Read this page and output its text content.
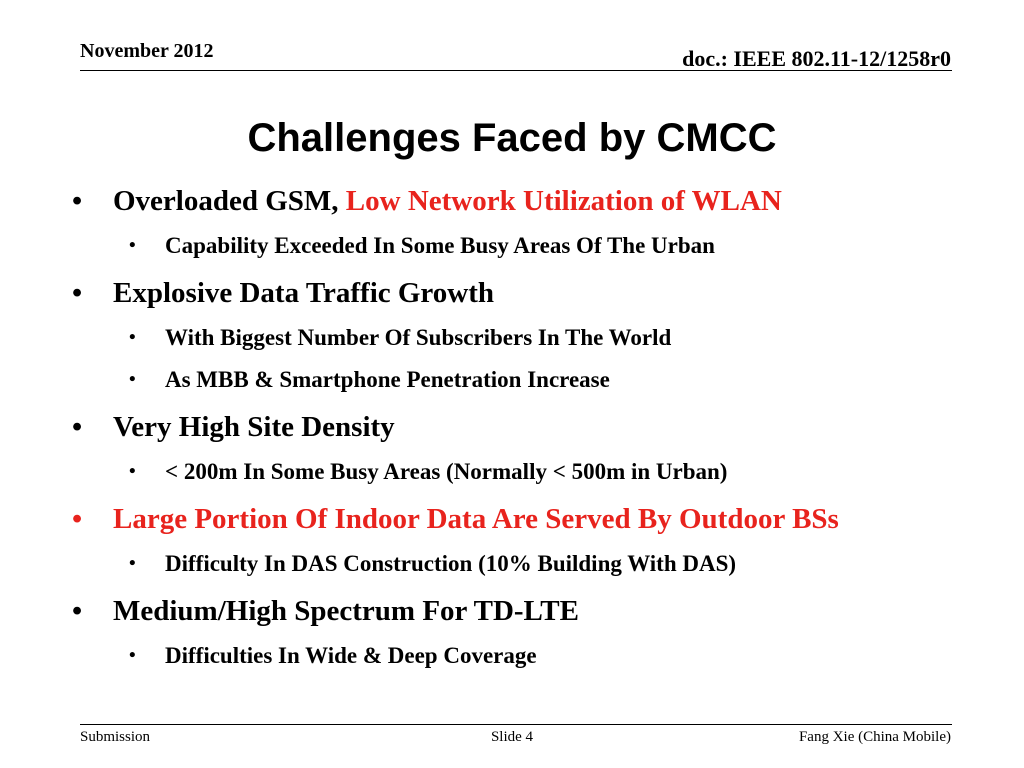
November 2012	doc.: IEEE 802.11-12/1258r0
Challenges Faced by CMCC
• Overloaded GSM, Low Network Utilization of WLAN
• Capability Exceeded In Some Busy Areas Of The Urban
• Explosive Data Traffic Growth
• With Biggest Number Of Subscribers In The World
• As MBB & Smartphone Penetration Increase
• Very High Site Density
• < 200m In Some Busy Areas (Normally < 500m in Urban)
• Large Portion Of Indoor Data Are Served By Outdoor BSs
• Difficulty In DAS Construction (10% Building With DAS)
• Medium/High Spectrum For TD-LTE
• Difficulties In Wide & Deep Coverage
Submission	Slide 4	Fang Xie (China Mobile)
